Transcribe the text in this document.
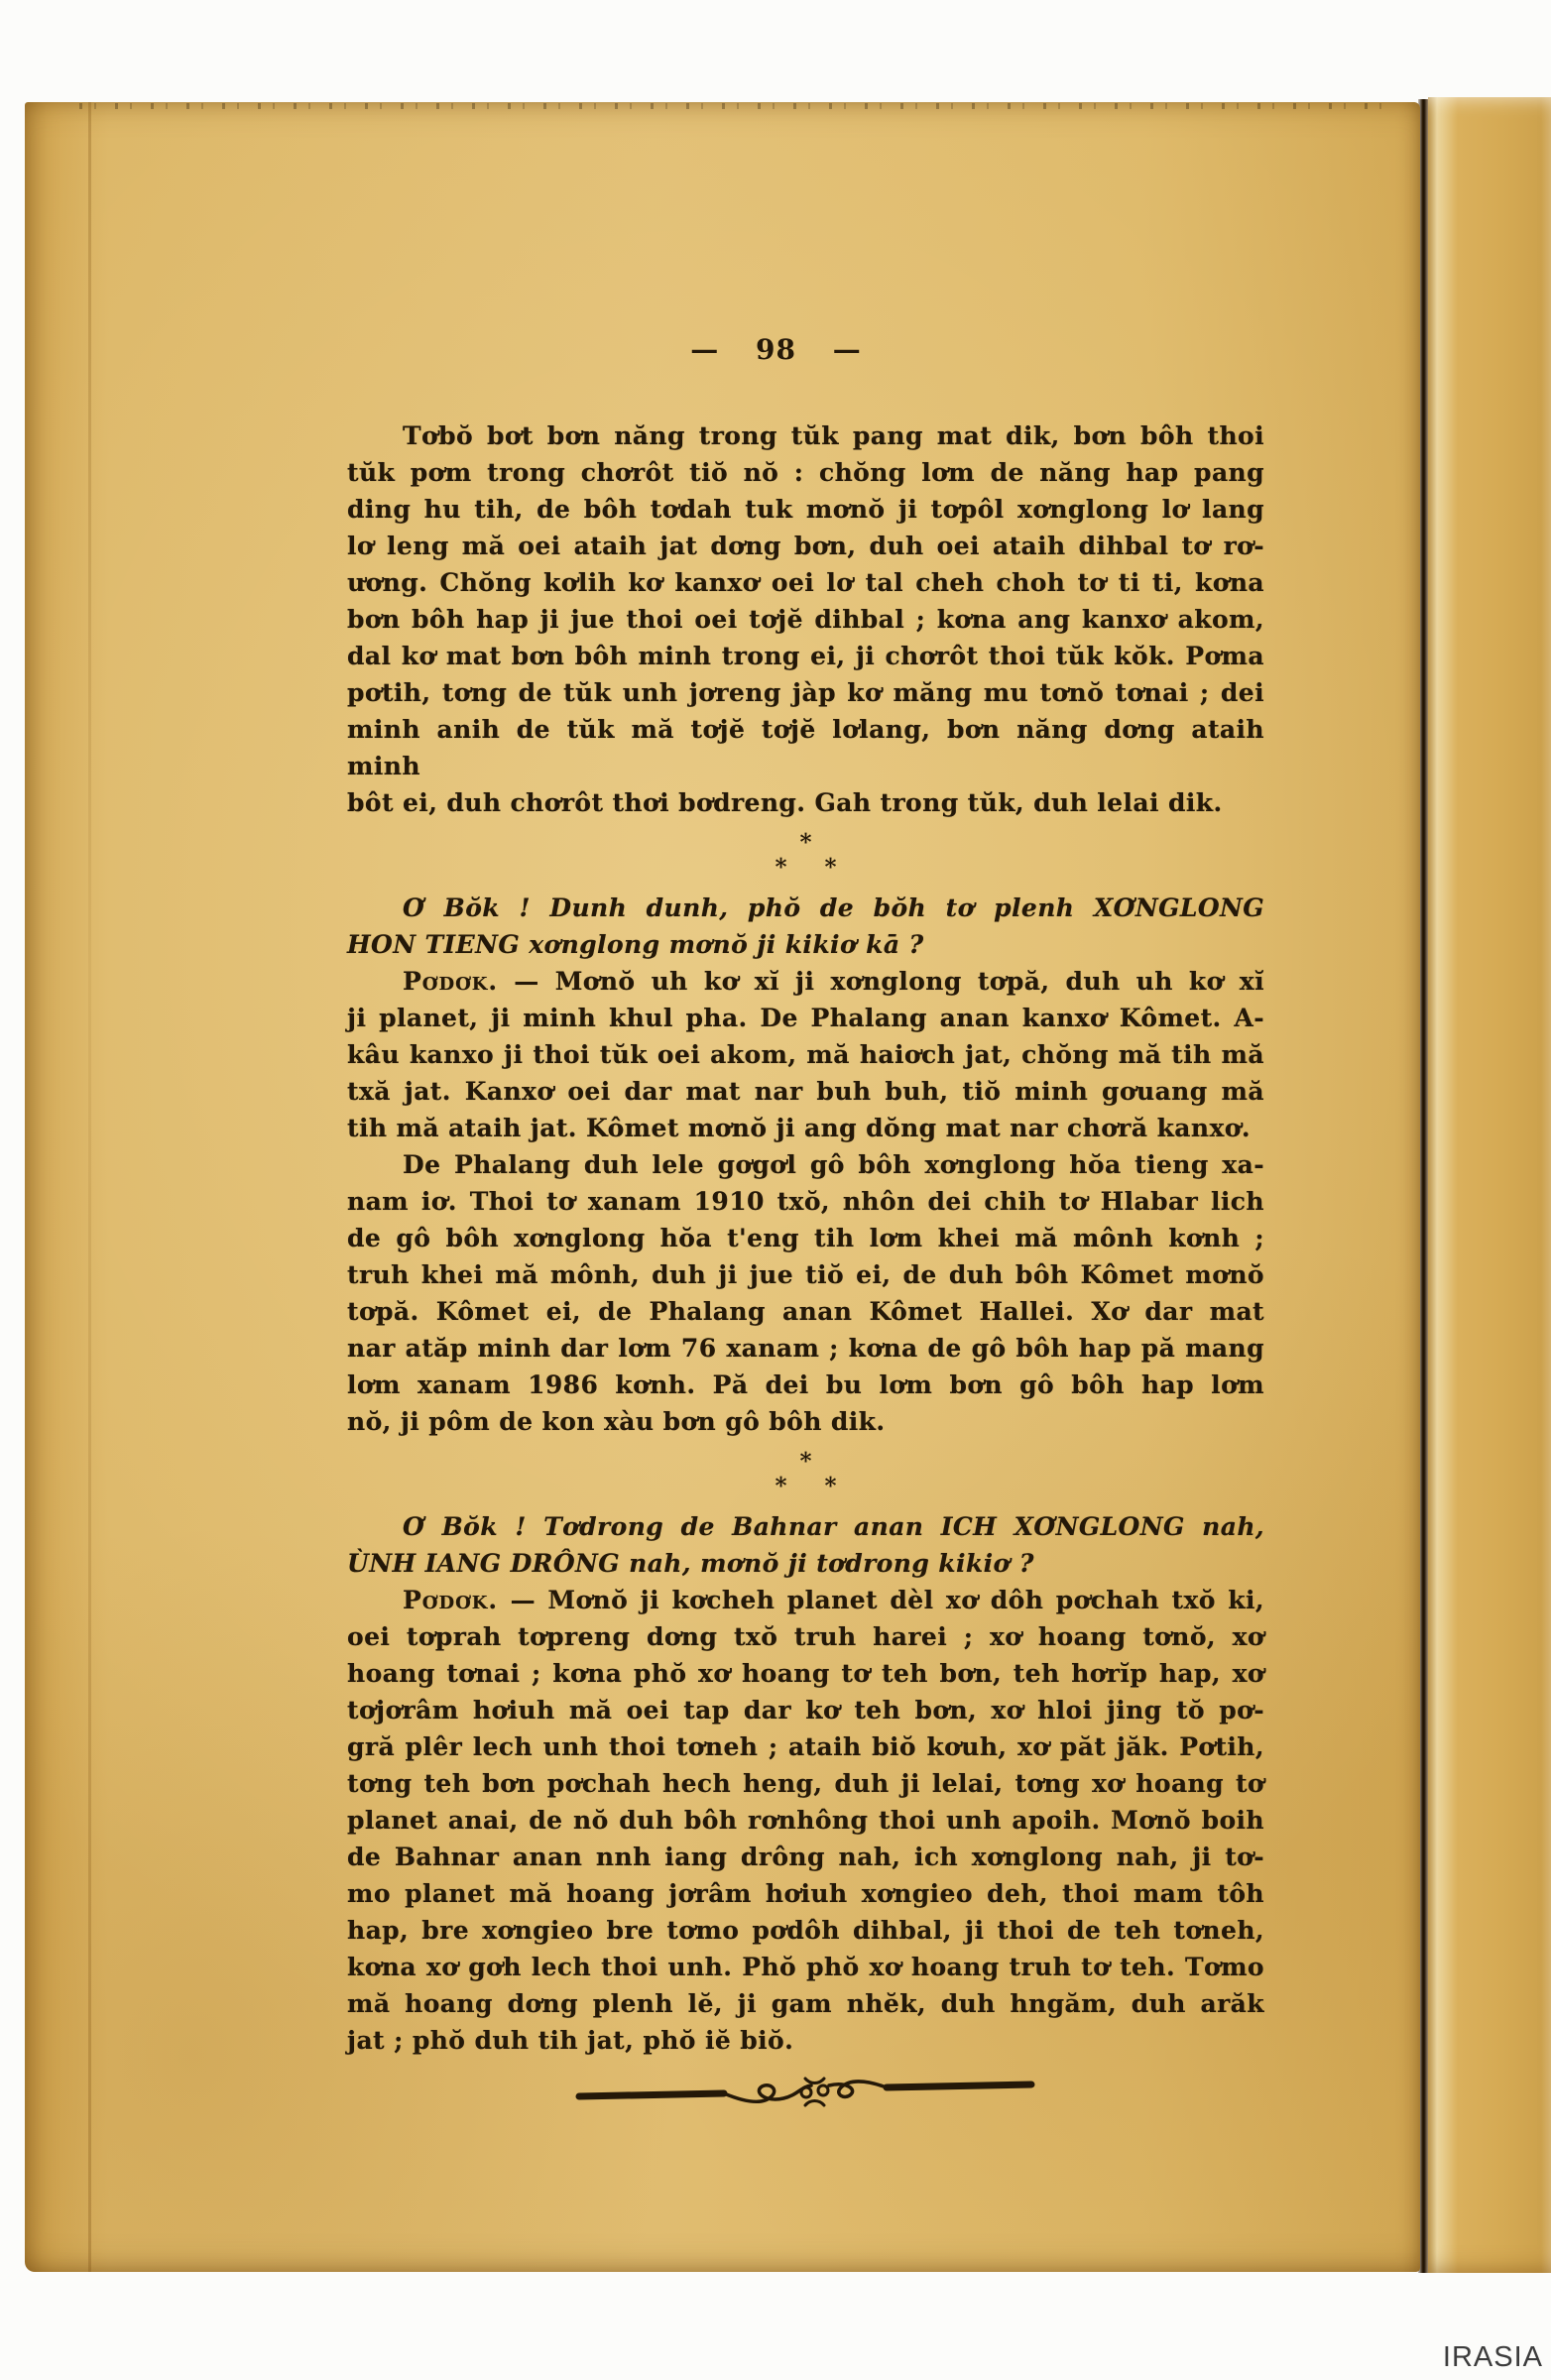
— 98 —
Tơbŏ bơt bơn năng trong tŭk pang mat dik, bơn bôh thoi
tŭk pơm trong chơrôt tiŏ nŏ : chŏng lơm de năng hap pang
ding hu tih, de bôh tơdah tuk mơnŏ ji tơpôl xơnglong lơ lang
lơ leng mă oei ataih jat dơng bơn, duh oei ataih dihbal tơ rơ-
ương. Chŏng kơlih kơ kanxơ oei lơ tal cheh choh tơ ti ti, kơna
bơn bôh hap ji jue thoi oei tơjĕ dihbal ; kơna ang kanxơ akom,
dal kơ mat bơn bôh minh trong ei, ji chơrôt thoi tŭk kŏk. Pơma
pơtih, tơng de tŭk unh jơreng jàp kơ măng mu tơnŏ tơnai ; dei
minh anih de tŭk mă tơjĕ tơjĕ lơlang, bơn năng dơng ataih minh
bôt ei, duh chơrôt thơi bơdreng. Gah trong tŭk, duh lelai dik.
*
* *
Ơ Bŏk ! Dunh dunh, phŏ de bŏh tơ plenh XƠNGLONG
HON TIENG xơnglong mơnŏ ji kikiơ kā ?
Pơdơk. — Mơnŏ uh kơ xĭ ji xơnglong tơpă, duh uh kơ xĭ
ji planet, ji minh khul pha. De Phalang anan kanxơ Kômet. A-
kâu kanxo ji thoi tŭk oei akom, mă haiơch jat, chŏng mă tih mă
txă jat. Kanxơ oei dar mat nar buh buh, tiŏ minh gơuang mă
tih mă ataih jat. Kômet mơnŏ ji ang dŏng mat nar chơră kanxơ.
De Phalang duh lele gơgơl gô bôh xơnglong hŏa tieng xa-
nam iơ. Thoi tơ xanam 1910 txŏ, nhôn dei chih tơ Hlabar lich
de gô bôh xơnglong hŏa t'eng tih lơm khei mă mônh kơnh ;
truh khei mă mônh, duh ji jue tiŏ ei, de duh bôh Kômet mơnŏ
tơpă. Kômet ei, de Phalang anan Kômet Hallei. Xơ dar mat
nar atăp minh dar lơm 76 xanam ; kơna de gô bôh hap pă mang
lơm xanam 1986 kơnh. Pă dei bu lơm bơn gô bôh hap lơm
nŏ, ji pôm de kon xàu bơn gô bôh dik.
*
* *
Ơ Bŏk ! Tơdrong de Bahnar anan ICH XƠNGLONG nah,
ÙNH IANG DRÔNG nah, mơnŏ ji tơdrong kikiơ ?
Pơdơk. — Mơnŏ ji kơcheh planet dèl xơ dôh pơchah txŏ ki,
oei tơprah tơpreng dơng txŏ truh harei ; xơ hoang tơnŏ, xơ
hoang tơnai ; kơna phŏ xơ hoang tơ teh bơn, teh hơrĭp hap, xơ
tơjơrâm hơiuh mă oei tap dar kơ teh bơn, xơ hloi jing tŏ pơ-
gră plêr lech unh thoi tơneh ; ataih biŏ kơuh, xơ păt jăk. Pơtih,
tơng teh bơn pơchah hech heng, duh ji lelai, tơng xơ hoang tơ
planet anai, de nŏ duh bôh rơnhông thoi unh apoih. Mơnŏ boih
de Bahnar anan nnh iang drông nah, ich xơnglong nah, ji tơ-
mo planet mă hoang jơrâm hơiuh xơngieo deh, thoi mam tôh
hap, bre xơngieo bre tơmo pơdôh dihbal, ji thoi de teh tơneh,
kơna xơ gơh lech thoi unh. Phŏ phŏ xơ hoang truh tơ teh. Tơmo
mă hoang dơng plenh lĕ, ji gam nhĕk, duh hngăm, duh arăk
jat ; phŏ duh tih jat, phŏ iĕ biŏ.
IRASIA
